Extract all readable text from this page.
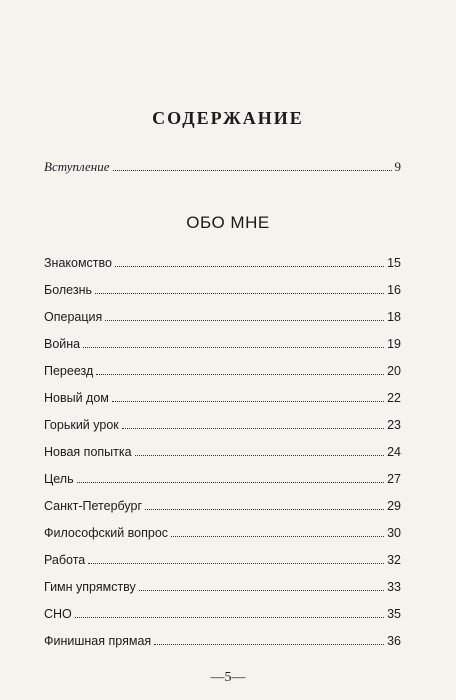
СОДЕРЖАНИЕ
Вступление	9
ОБО МНЕ
Знакомство	15
Болезнь	16
Операция	18
Война	19
Переезд	20
Новый дом	22
Горький урок	23
Новая попытка	24
Цель	27
Санкт-Петербург	29
Философский вопрос	30
Работа	32
Гимн упрямству	33
СНО	35
Финишная прямая	36
—5—
